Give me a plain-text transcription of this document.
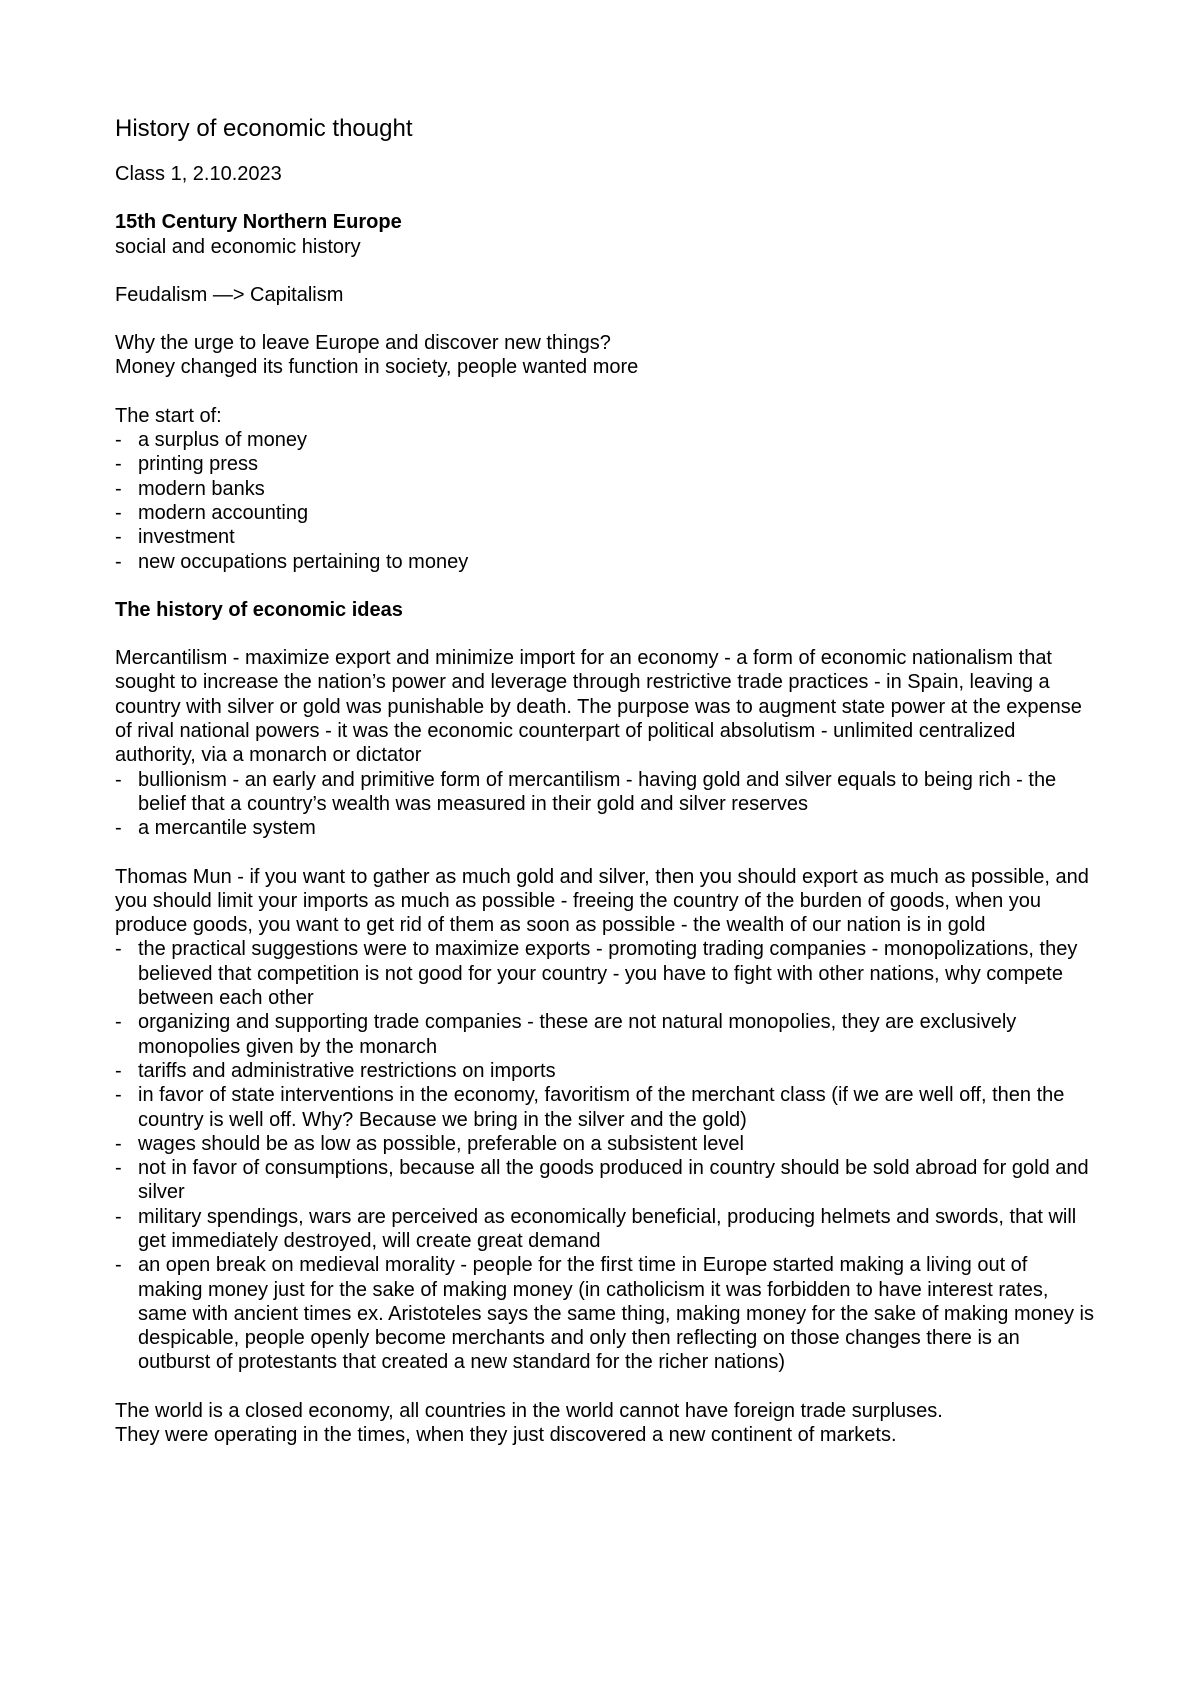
History of economic thought

Class 1, 2.10.2023

15th Century Northern Europe

social and economic history

Feudalism —> Capitalism

Why the urge to leave Europe and discover new things?

Money changed its function in society, people wanted more

The start of:

- a surplus of money
- printing press
- modern banks
- modern accounting
- investment
- new occupations pertaining to money

The history of economic ideas

Mercantilism - maximize export and minimize import for an economy - a form of economic nationalism that sought to increase the nation’s power and leverage through restrictive trade practices - in Spain, leaving a country with silver or gold was punishable by death. The purpose was to augment state power at the expense of rival national powers - it was the economic counterpart of political absolutism - unlimited centralized authority, via a monarch or dictator

- bullionism - an early and primitive form of mercantilism - having gold and silver equals to being rich - the belief that a country’s wealth was measured in their gold and silver reserves
- a mercantile system

Thomas Mun - if you want to gather as much gold and silver, then you should export as much as possible, and you should limit your imports as much as possible - freeing the country of the burden of goods, when you produce goods, you want to get rid of them as soon as possible - the wealth of our nation is in gold

- the practical suggestions were to maximize exports - promoting trading companies - monopolizations, they believed that competition is not good for your country - you have to fight with other nations, why compete between each other
- organizing and supporting trade companies - these are not natural monopolies, they are exclusively monopolies given by the monarch
- tariffs and administrative restrictions on imports
- in favor of state interventions in the economy, favoritism of the merchant class (if we are well off, then the country is well off. Why? Because we bring in the silver and the gold)
- wages should be as low as possible, preferable on a subsistent level
- not in favor of consumptions, because all the goods produced in country should be sold abroad for gold and silver
- military spendings, wars are perceived as economically beneficial, producing helmets and swords, that will get immediately destroyed, will create great demand
- an open break on medieval morality - people for the first time in Europe started making a living out of making money just for the sake of making money (in catholicism it was forbidden to have interest rates, same with ancient times ex. Aristoteles says the same thing, making money for the sake of making money is despicable, people openly become merchants and only then reflecting on those changes there is an outburst of protestants that created a new standard for the richer nations)

The world is a closed economy, all countries in the world cannot have foreign trade surpluses.

They were operating in the times, when they just discovered a new continent of markets.
